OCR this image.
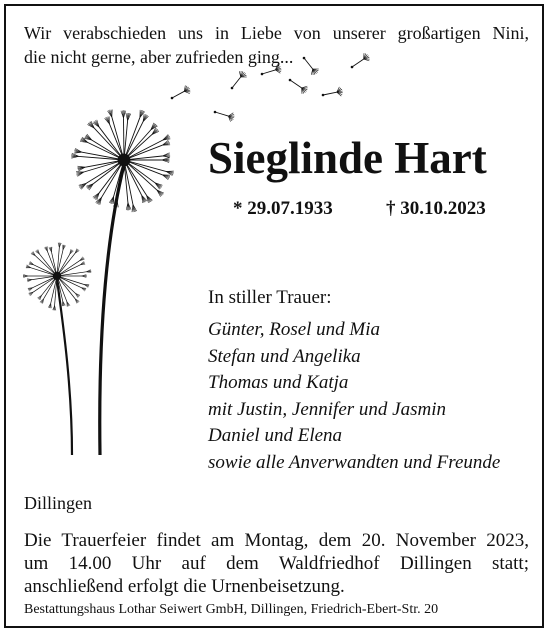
Wir verabschieden uns in Liebe von unserer großartigen Nini,
die nicht gerne, aber zufrieden ging...

Sieglinde Hart
* 29.07.1933	† 30.10.2023
In stiller Trauer:
Günter, Rosel und Mia
Stefan und Angelika
Thomas und Katja
mit Justin, Jennifer und Jasmin
Daniel und Elena
sowie alle Anverwandten und Freunde
Dillingen

Die Trauerfeier findet am Montag, dem 20. November 2023,
um 14.00 Uhr auf dem Waldfriedhof Dillingen statt;
anschließend erfolgt die Urnenbeisetzung.

Bestattungshaus Lothar Seiwert GmbH, Dillingen, Friedrich-Ebert-Str. 20
